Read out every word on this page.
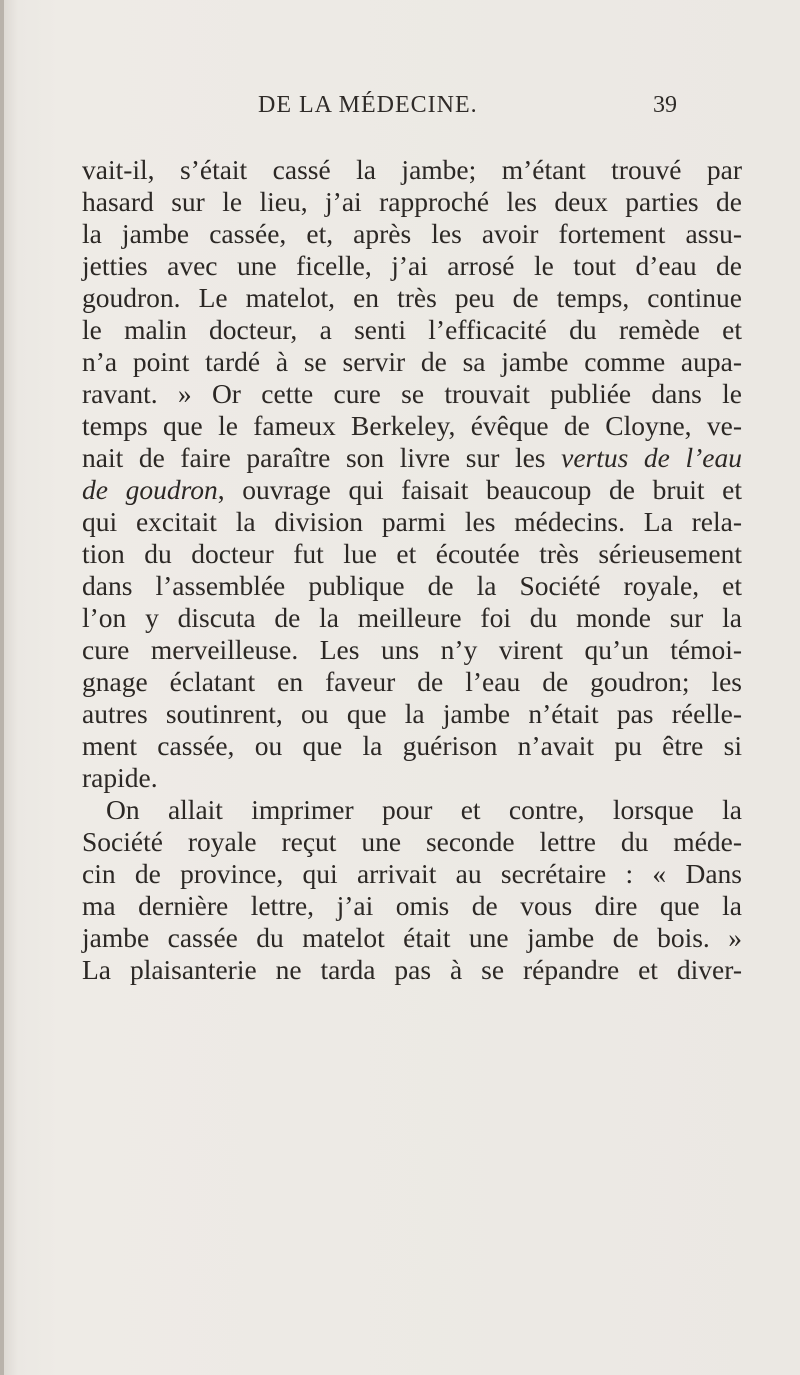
DE LA MÉDECINE.	39
vait-il, s’était cassé la jambe; m’étant trouvé par
hasard sur le lieu, j’ai rapproché les deux parties de
la jambe cassée, et, après les avoir fortement assu-
jetties avec une ficelle, j’ai arrosé le tout d’eau de
goudron. Le matelot, en très peu de temps, continue
le malin docteur, a senti l’efficacité du remède et
n’a point tardé à se servir de sa jambe comme aupa-
ravant. » Or cette cure se trouvait publiée dans le
temps que le fameux Berkeley, évêque de Cloyne, ve-
nait de faire paraître son livre sur les vertus de l’eau
de goudron, ouvrage qui faisait beaucoup de bruit et
qui excitait la division parmi les médecins. La rela-
tion du docteur fut lue et écoutée très sérieusement
dans l’assemblée publique de la Société royale, et
l’on y discuta de la meilleure foi du monde sur la
cure merveilleuse. Les uns n’y virent qu’un témoi-
gnage éclatant en faveur de l’eau de goudron; les
autres soutinrent, ou que la jambe n’était pas réelle-
ment cassée, ou que la guérison n’avait pu être si
rapide.
On allait imprimer pour et contre, lorsque la
Société royale reçut une seconde lettre du méde-
cin de province, qui arrivait au secrétaire : « Dans
ma dernière lettre, j’ai omis de vous dire que la
jambe cassée du matelot était une jambe de bois. »
La plaisanterie ne tarda pas à se répandre et diver-
